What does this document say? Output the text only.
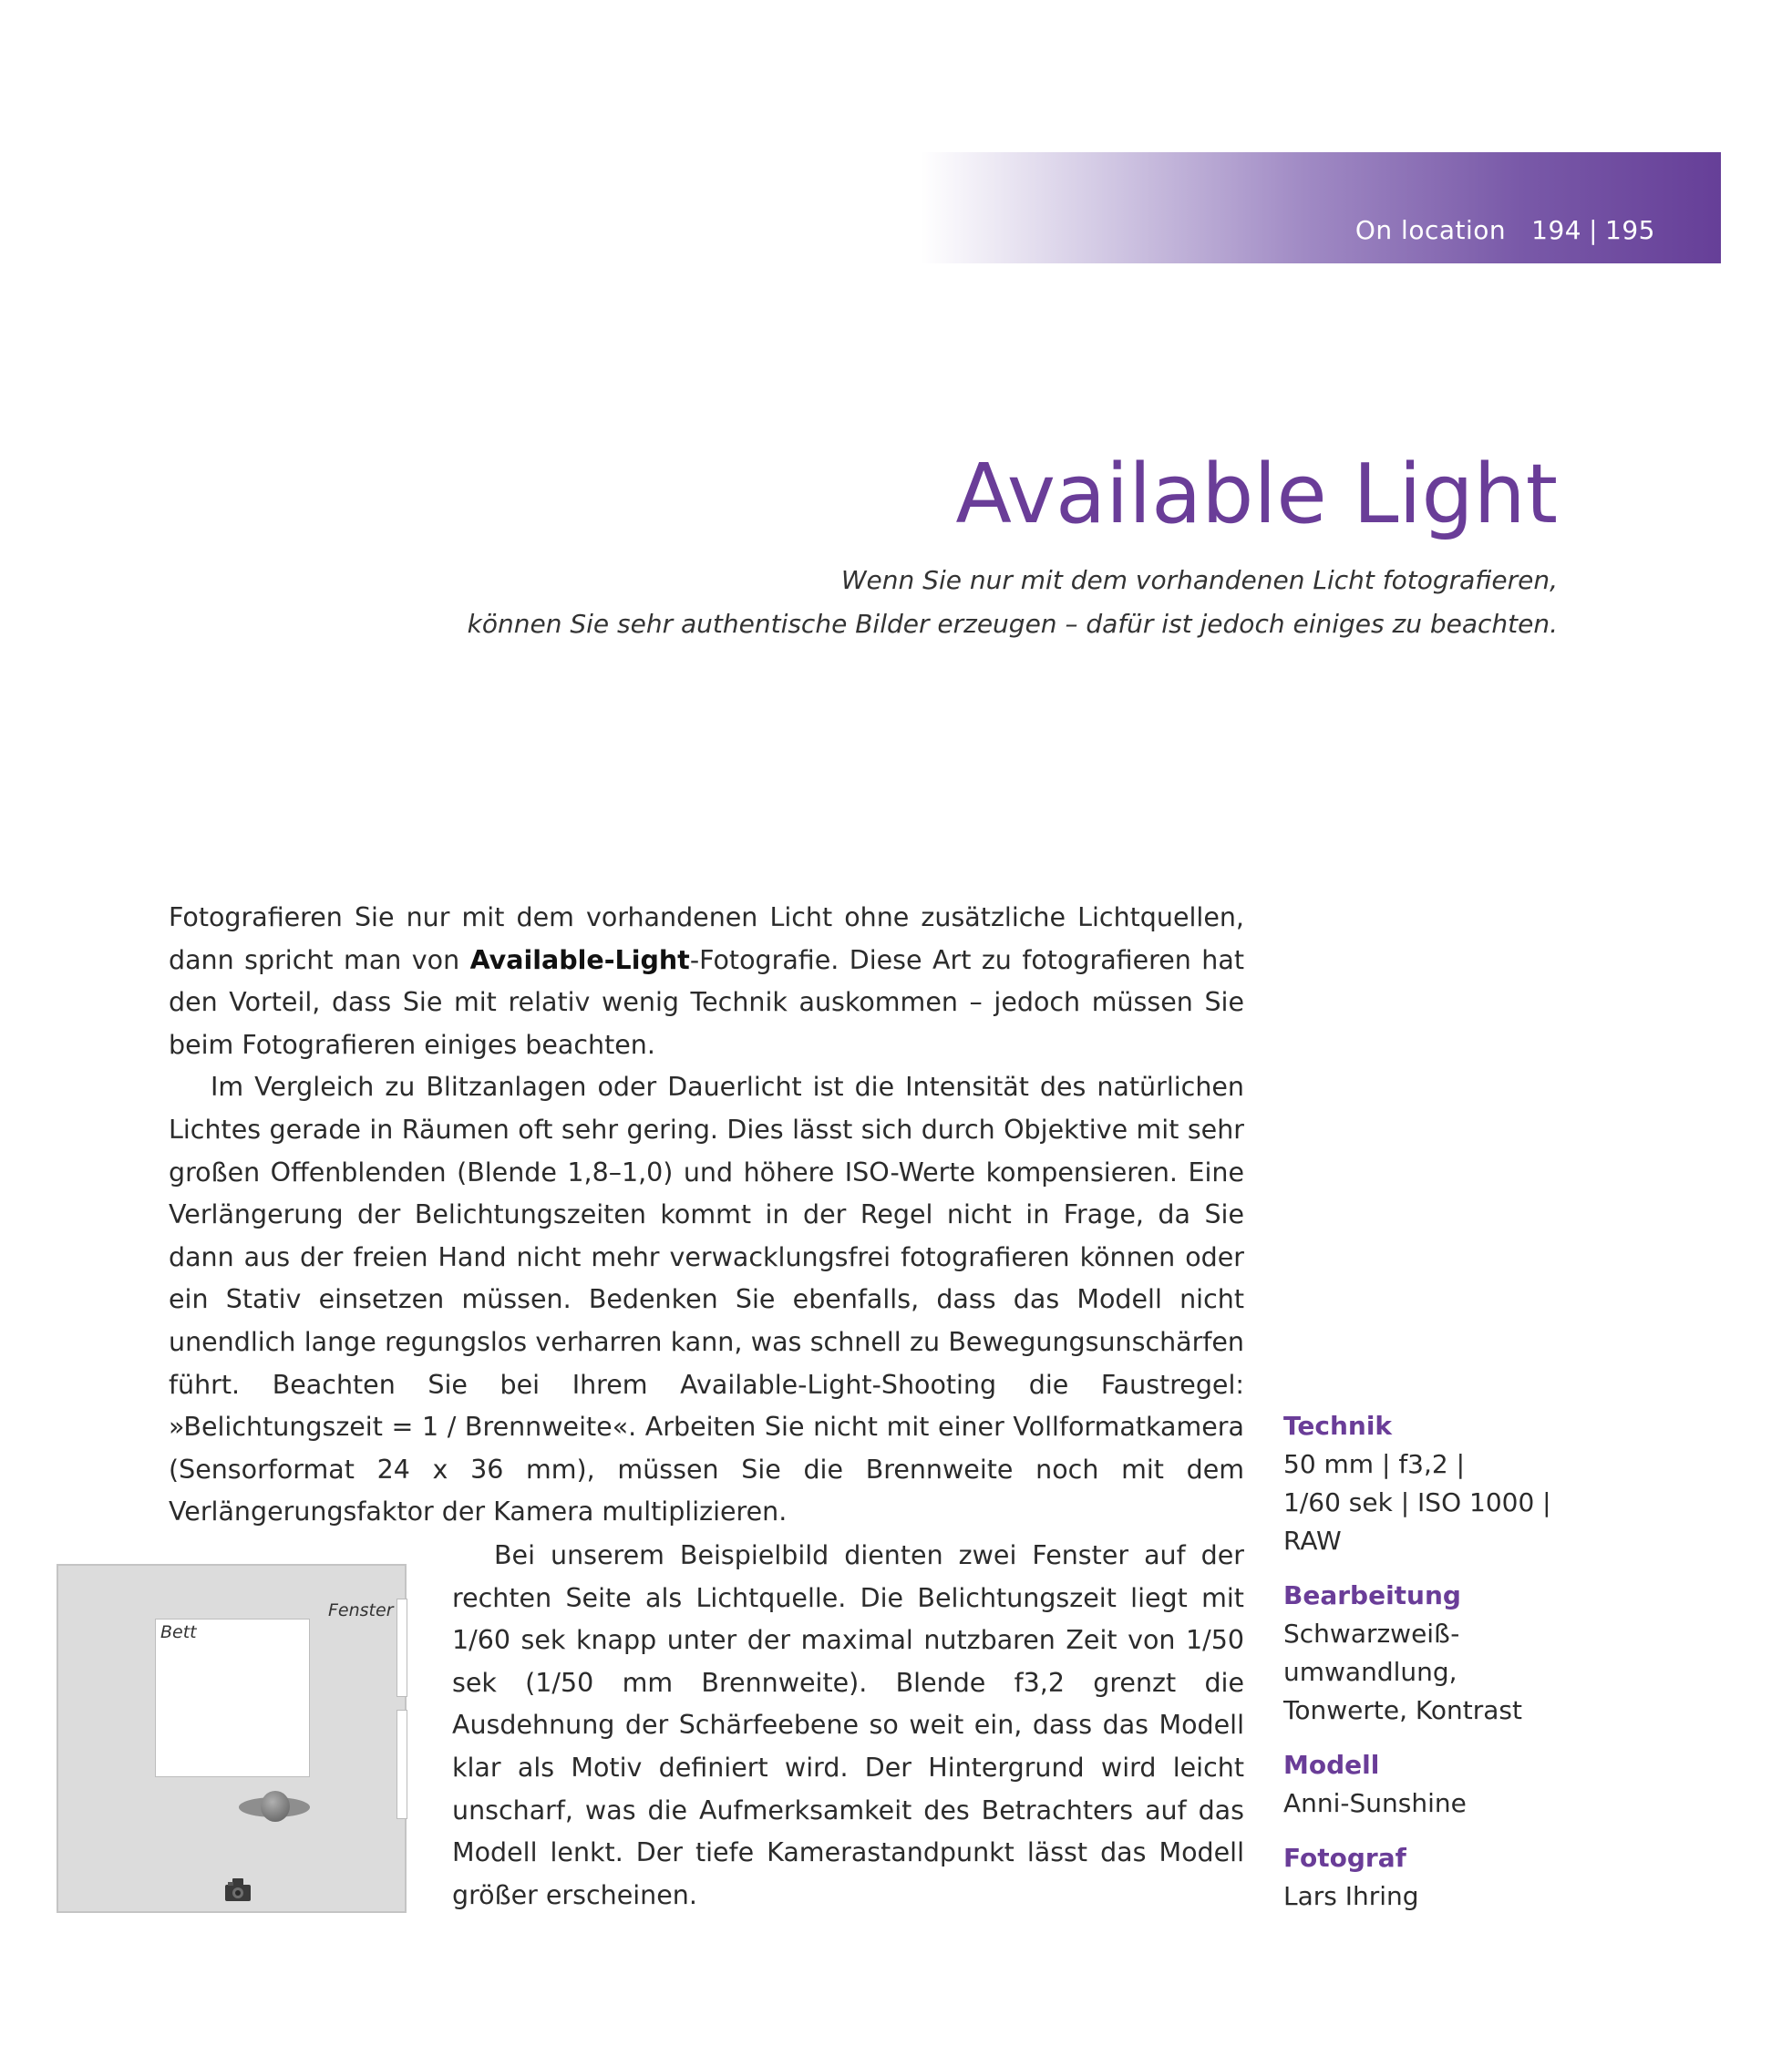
On location 194 | 195
Available Light
Wenn Sie nur mit dem vorhandenen Licht fotografieren,
können Sie sehr authentische Bilder erzeugen – dafür ist jedoch einiges zu beachten.

Fotografieren Sie nur mit dem vorhandenen Licht ohne zusätzliche Lichtquellen, dann spricht man von Available-Light-Fotografie. Diese Art zu fotografieren hat den Vorteil, dass Sie mit relativ wenig Technik auskommen – jedoch müssen Sie beim Fotografieren einiges beachten.

Im Vergleich zu Blitzanlagen oder Dauerlicht ist die Intensität des natürlichen Lichtes gerade in Räumen oft sehr gering. Dies lässt sich durch Objektive mit sehr großen Offenblenden (Blende 1,8–1,0) und höhere ISO-Werte kompensieren. Eine Verlängerung der Belichtungszeiten kommt in der Regel nicht in Frage, da Sie dann aus der freien Hand nicht mehr verwacklungsfrei fotografieren können oder ein Stativ einsetzen müssen. Bedenken Sie ebenfalls, dass das Modell nicht unendlich lange regungslos verharren kann, was schnell zu Bewegungsunschärfen führt. Beachten Sie bei Ihrem Available-Light-Shooting die Faustregel: »Belichtungszeit = 1 / Brennweite«. Arbeiten Sie nicht mit einer Vollformatkamera (Sensorformat 24 x 36 mm), müssen Sie die Brennweite noch mit dem Verlängerungsfaktor der Kamera multiplizieren.

Bei unserem Beispielbild dienten zwei Fenster auf der rechten Seite als Lichtquelle. Die Belichtungszeit liegt mit 1/60 sek knapp unter der maximal nutzbaren Zeit von 1/50 sek (1/50 mm Brennweite). Blende f3,2 grenzt die Ausdehnung der Schärfeebene so weit ein, dass das Modell klar als Motiv definiert wird. Der Hintergrund wird leicht unscharf, was die Aufmerksamkeit des Betrachters auf das Modell lenkt. Der tiefe Kamerastandpunkt lässt das Modell größer erscheinen.

Bett
Fenster
Technik
50 mm | f3,2 |
1/60 sek | ISO 1000 |
RAW
Bearbeitung
Schwarzweiß-
umwandlung,
Tonwerte, Kontrast
Modell
Anni-Sunshine
Fotograf
Lars Ihring
